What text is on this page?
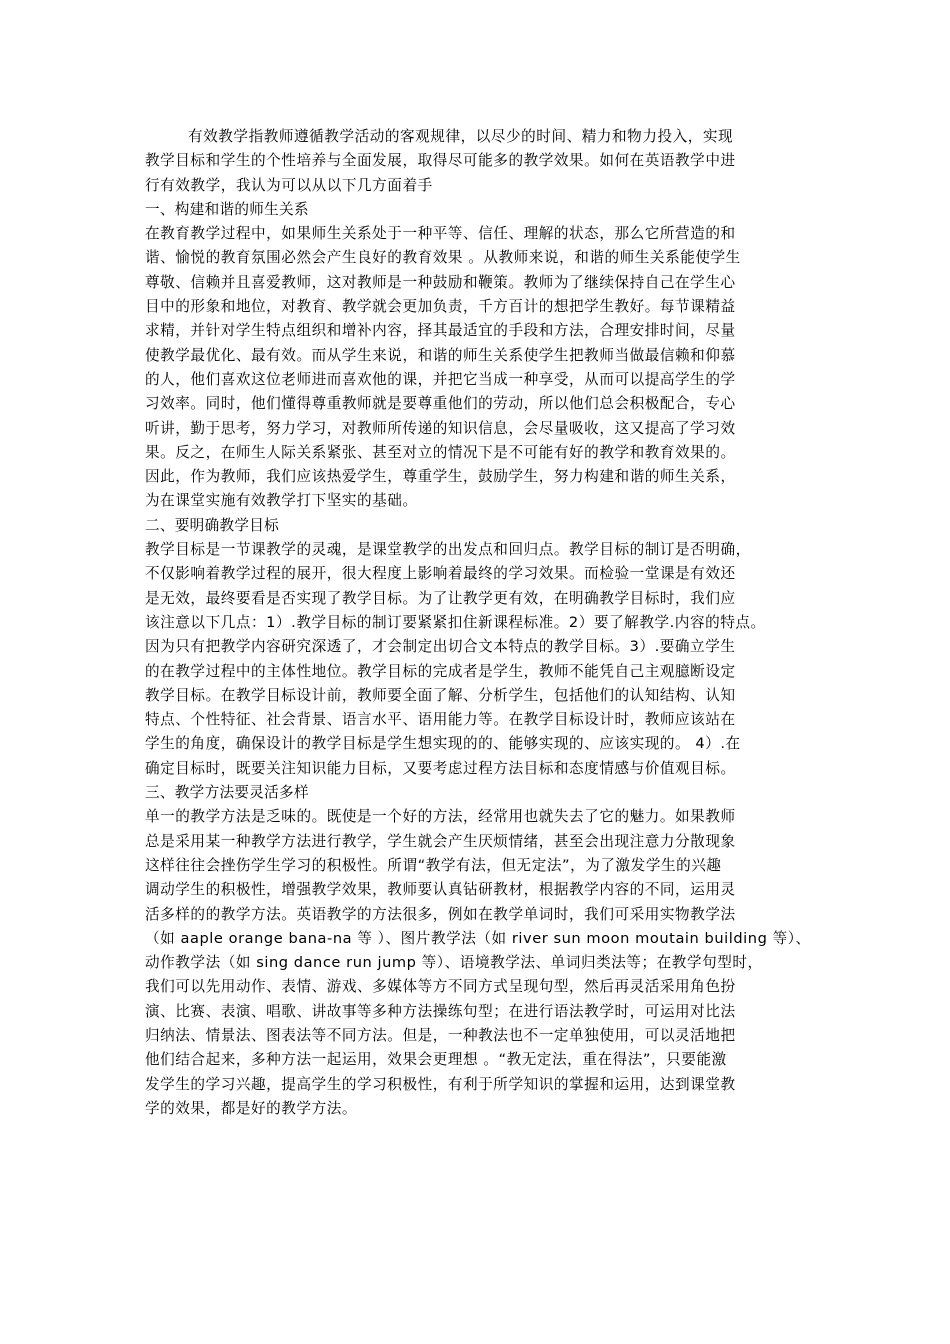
有效教学指教师遵循教学活动的客观规律，以尽少的时间、精力和物力投入，实现
教学目标和学生的个性培养与全面发展，取得尽可能多的教学效果。如何在英语教学中进
行有效教学，我认为可以从以下几方面着手
一、构建和谐的师生关系
在教育教学过程中，如果师生关系处于一种平等、信任、理解的状态，那么它所营造的和
谐、愉悦的教育氛围必然会产生良好的教育效果 。从教师来说，和谐的师生关系能使学生
尊敬、信赖并且喜爱教师，这对教师是一种鼓励和鞭策。教师为了继续保持自己在学生心
目中的形象和地位，对教育、教学就会更加负责，千方百计的想把学生教好。每节课精益
求精，并针对学生特点组织和增补内容，择其最适宜的手段和方法，合理安排时间，尽量
使教学最优化、最有效。而从学生来说，和谐的师生关系使学生把教师当做最信赖和仰慕
的人，他们喜欢这位老师进而喜欢他的课，并把它当成一种享受，从而可以提高学生的学
习效率。同时，他们懂得尊重教师就是要尊重他们的劳动，所以他们总会积极配合，专心
听讲，勤于思考，努力学习，对教师所传递的知识信息，会尽量吸收，这又提高了学习效
果。反之，在师生人际关系紧张、甚至对立的情况下是不可能有好的教学和教育效果的。
因此，作为教师，我们应该热爱学生，尊重学生，鼓励学生，努力构建和谐的师生关系，
为在课堂实施有效教学打下坚实的基础。
二、要明确教学目标
教学目标是一节课教学的灵魂，是课堂教学的出发点和回归点。教学目标的制订是否明确，
不仅影响着教学过程的展开，很大程度上影响着最终的学习效果。而检验一堂课是有效还
是无效，最终要看是否实现了教学目标。为了让教学更有效，在明确教学目标时，我们应
该注意以下几点：1）.教学目标的制订要紧紧扣住新课程标准。2）要了解教学.内容的特点。
因为只有把教学内容研究深透了，才会制定出切合文本特点的教学目标。3）.要确立学生
的在教学过程中的主体性地位。教学目标的完成者是学生，教师不能凭自己主观臆断设定
教学目标。在教学目标设计前，教师要全面了解、分析学生，包括他们的认知结构、认知
特点、个性特征、社会背景、语言水平、语用能力等。在教学目标设计时，教师应该站在
学生的角度，确保设计的教学目标是学生想实现的的、能够实现的、应该实现的。 4）.在
确定目标时，既要关注知识能力目标，又要考虑过程方法目标和态度情感与价值观目标。
三、教学方法要灵活多样
单一的教学方法是乏味的。既使是一个好的方法，经常用也就失去了它的魅力。如果教师
总是采用某一种教学方法进行教学，学生就会产生厌烦情绪，甚至会出现注意力分散现象
这样往往会挫伤学生学习的积极性。所谓“教学有法，但无定法”，为了激发学生的兴趣
调动学生的积极性，增强教学效果，教师要认真钻研教材，根据教学内容的不同，运用灵
活多样的的教学方法。英语教学的方法很多，例如在教学单词时，我们可采用实物教学法
（如 aaple orange bana-na 等 ）、图片教学法（如 river sun moon moutain building 等）、
动作教学法（如 sing dance run jump 等）、语境教学法、单词归类法等；在教学句型时，
我们可以先用动作、表情、游戏、多媒体等方不同方式呈现句型，然后再灵活采用角色扮
演、比赛、表演、唱歌、讲故事等多种方法操练句型；在进行语法教学时，可运用对比法
归纳法、情景法、图表法等不同方法。但是，一种教法也不一定单独使用，可以灵活地把
他们结合起来，多种方法一起运用，效果会更理想 。“教无定法，重在得法”，只要能激
发学生的学习兴趣，提高学生的学习积极性，有利于所学知识的掌握和运用，达到课堂教
学的效果，都是好的教学方法。
